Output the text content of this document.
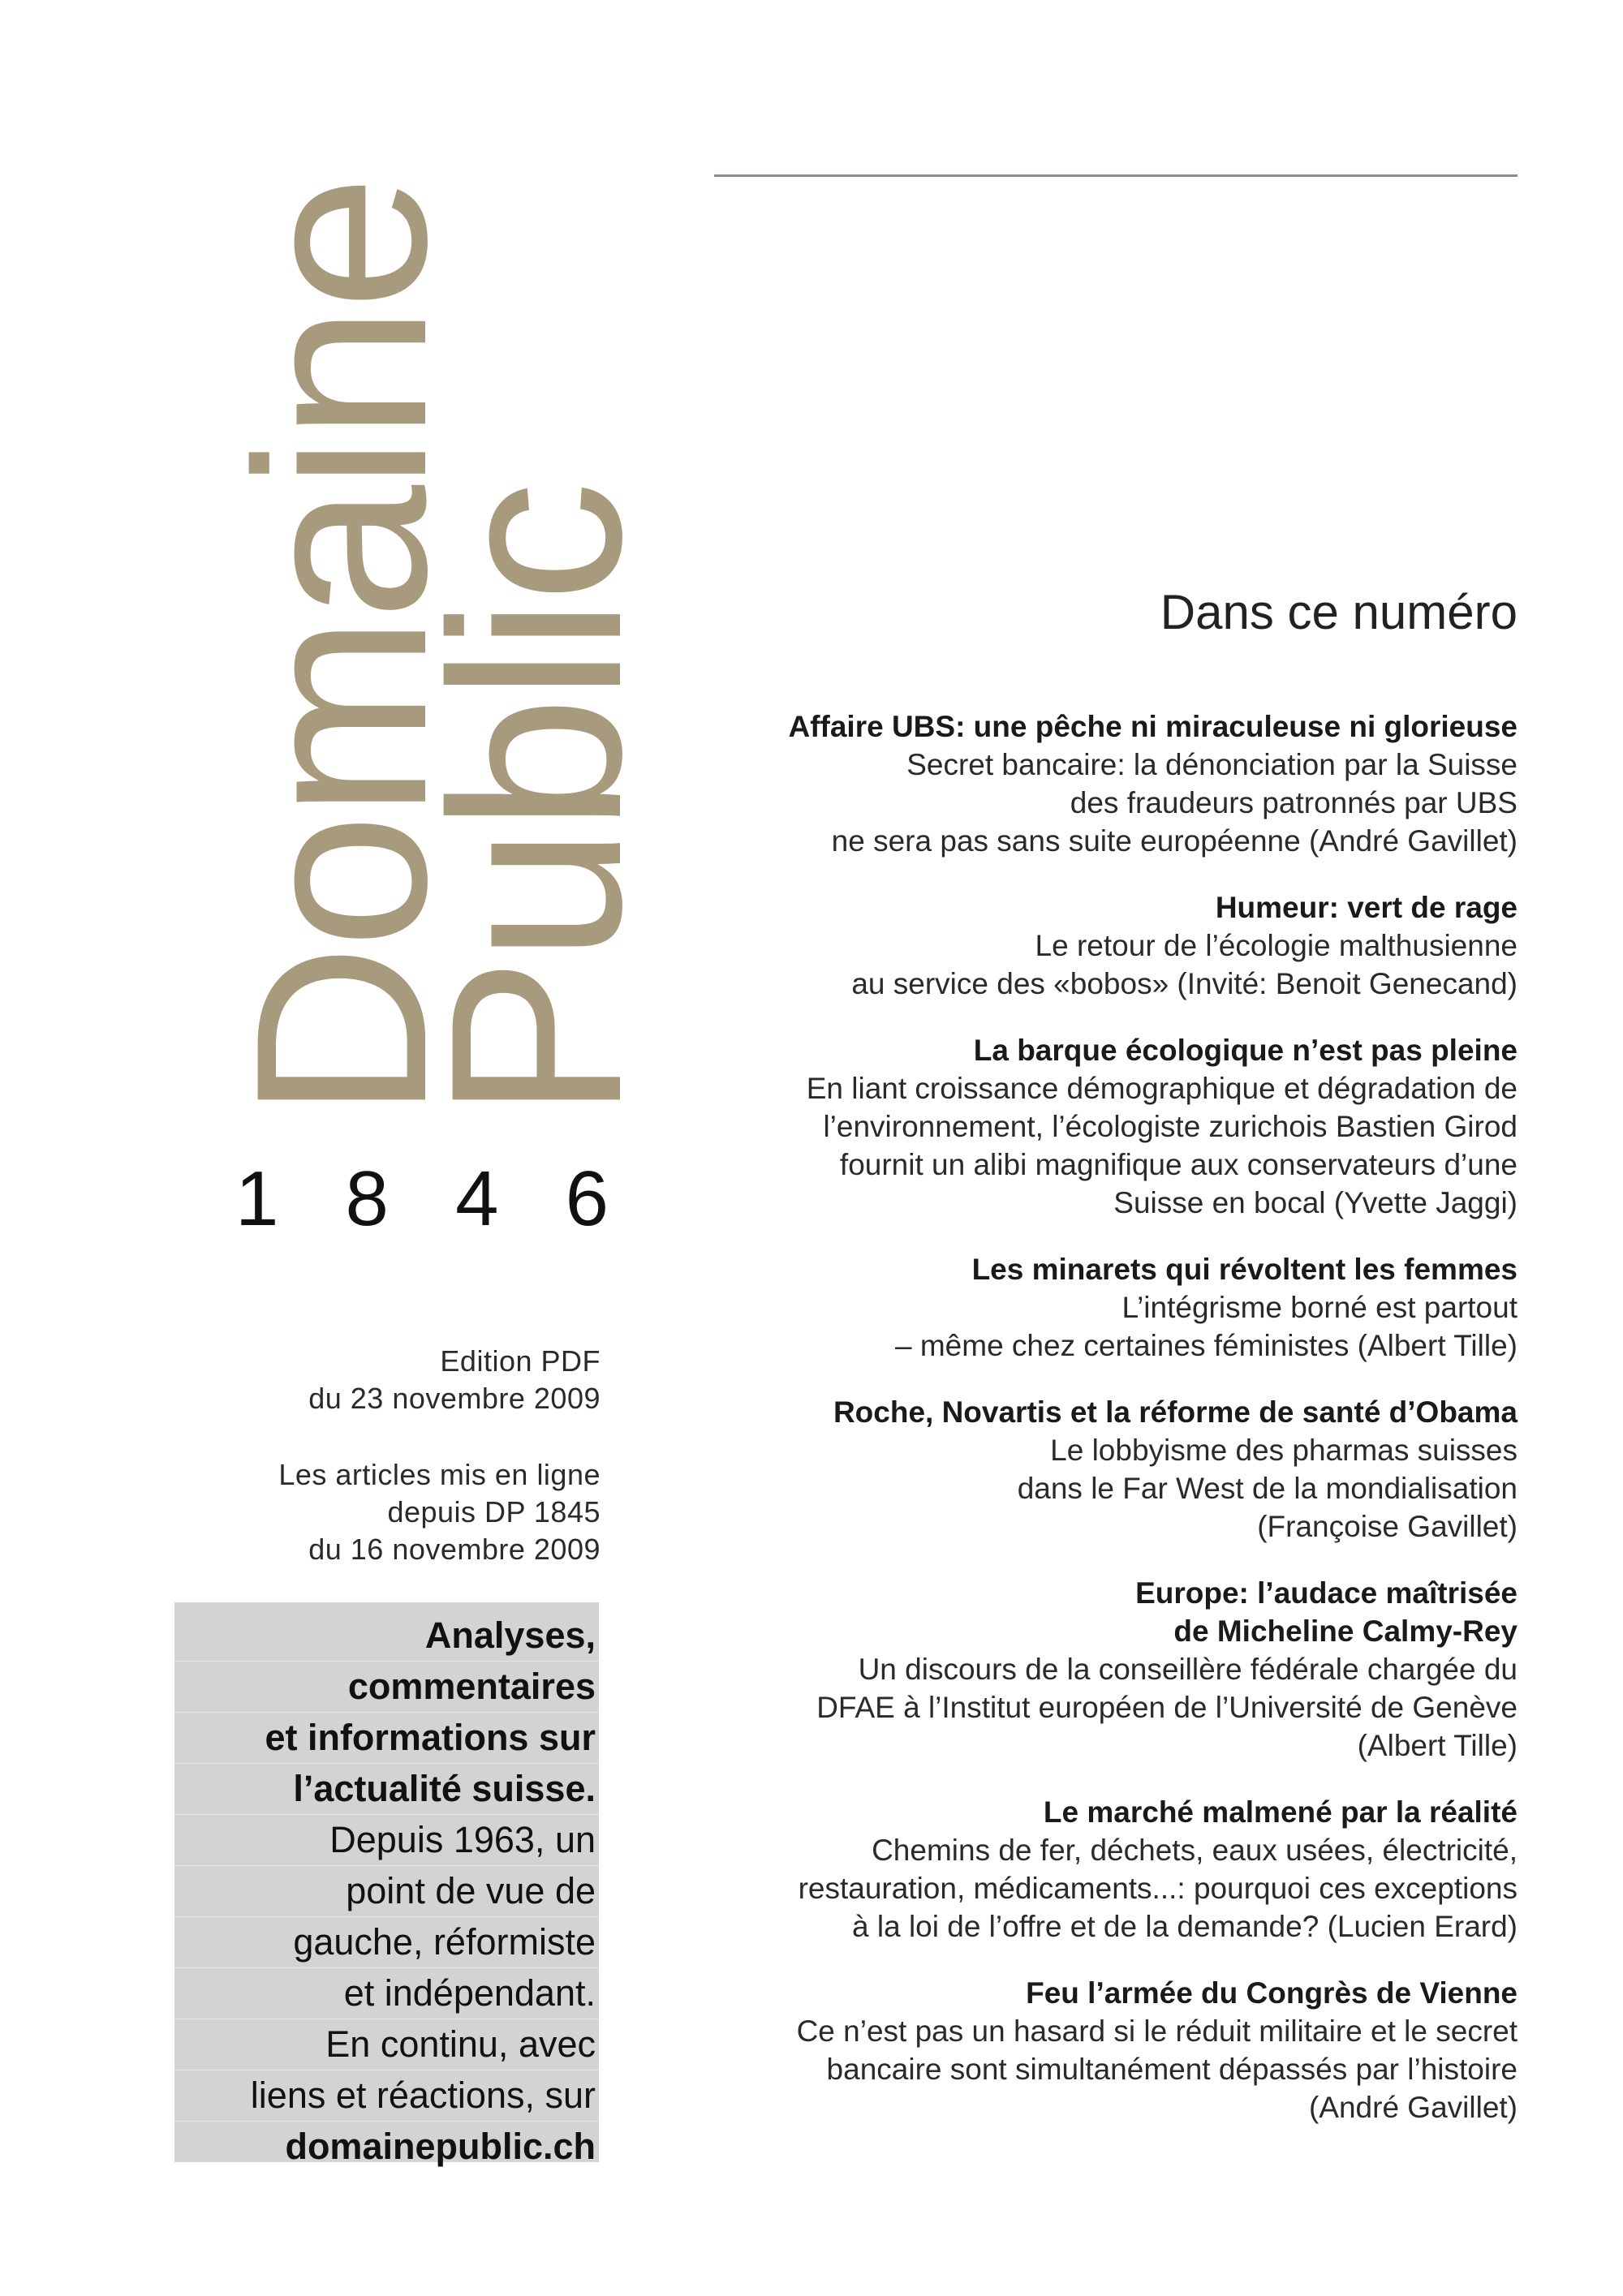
Domaine
Public
1 8 4 6
Edition PDF
du 23 novembre 2009
Les articles mis en ligne
depuis DP 1845
du 16 novembre 2009
Analyses,
commentaires
et informations sur
l’actualité suisse.
Depuis 1963, un
point de vue de
gauche, réformiste
et indépendant.
En continu, avec
liens et réactions, sur
domainepublic.ch
Dans ce numéro
Affaire UBS: une pêche ni miraculeuse ni glorieuse
Secret bancaire: la dénonciation par la Suisse
des fraudeurs patronnés par UBS
ne sera pas sans suite européenne (André Gavillet)
Humeur: vert de rage
Le retour de l’écologie malthusienne
au service des «bobos» (Invité: Benoit Genecand)
La barque écologique n’est pas pleine
En liant croissance démographique et dégradation de
l’environnement, l’écologiste zurichois Bastien Girod
fournit un alibi magnifique aux conservateurs d’une
Suisse en bocal (Yvette Jaggi)
Les minarets qui révoltent les femmes
L’intégrisme borné est partout
– même chez certaines féministes (Albert Tille)
Roche, Novartis et la réforme de santé d’Obama
Le lobbyisme des pharmas suisses
dans le Far West de la mondialisation
(Françoise Gavillet)
Europe: l’audace maîtrisée
de Micheline Calmy-Rey
Un discours de la conseillère fédérale chargée du
DFAE à l’Institut européen de l’Université de Genève
(Albert Tille)
Le marché malmené par la réalité
Chemins de fer, déchets, eaux usées, électricité,
restauration, médicaments...: pourquoi ces exceptions
à la loi de l’offre et de la demande? (Lucien Erard)
Feu l’armée du Congrès de Vienne
Ce n’est pas un hasard si le réduit militaire et le secret
bancaire sont simultanément dépassés par l’histoire
(André Gavillet)
